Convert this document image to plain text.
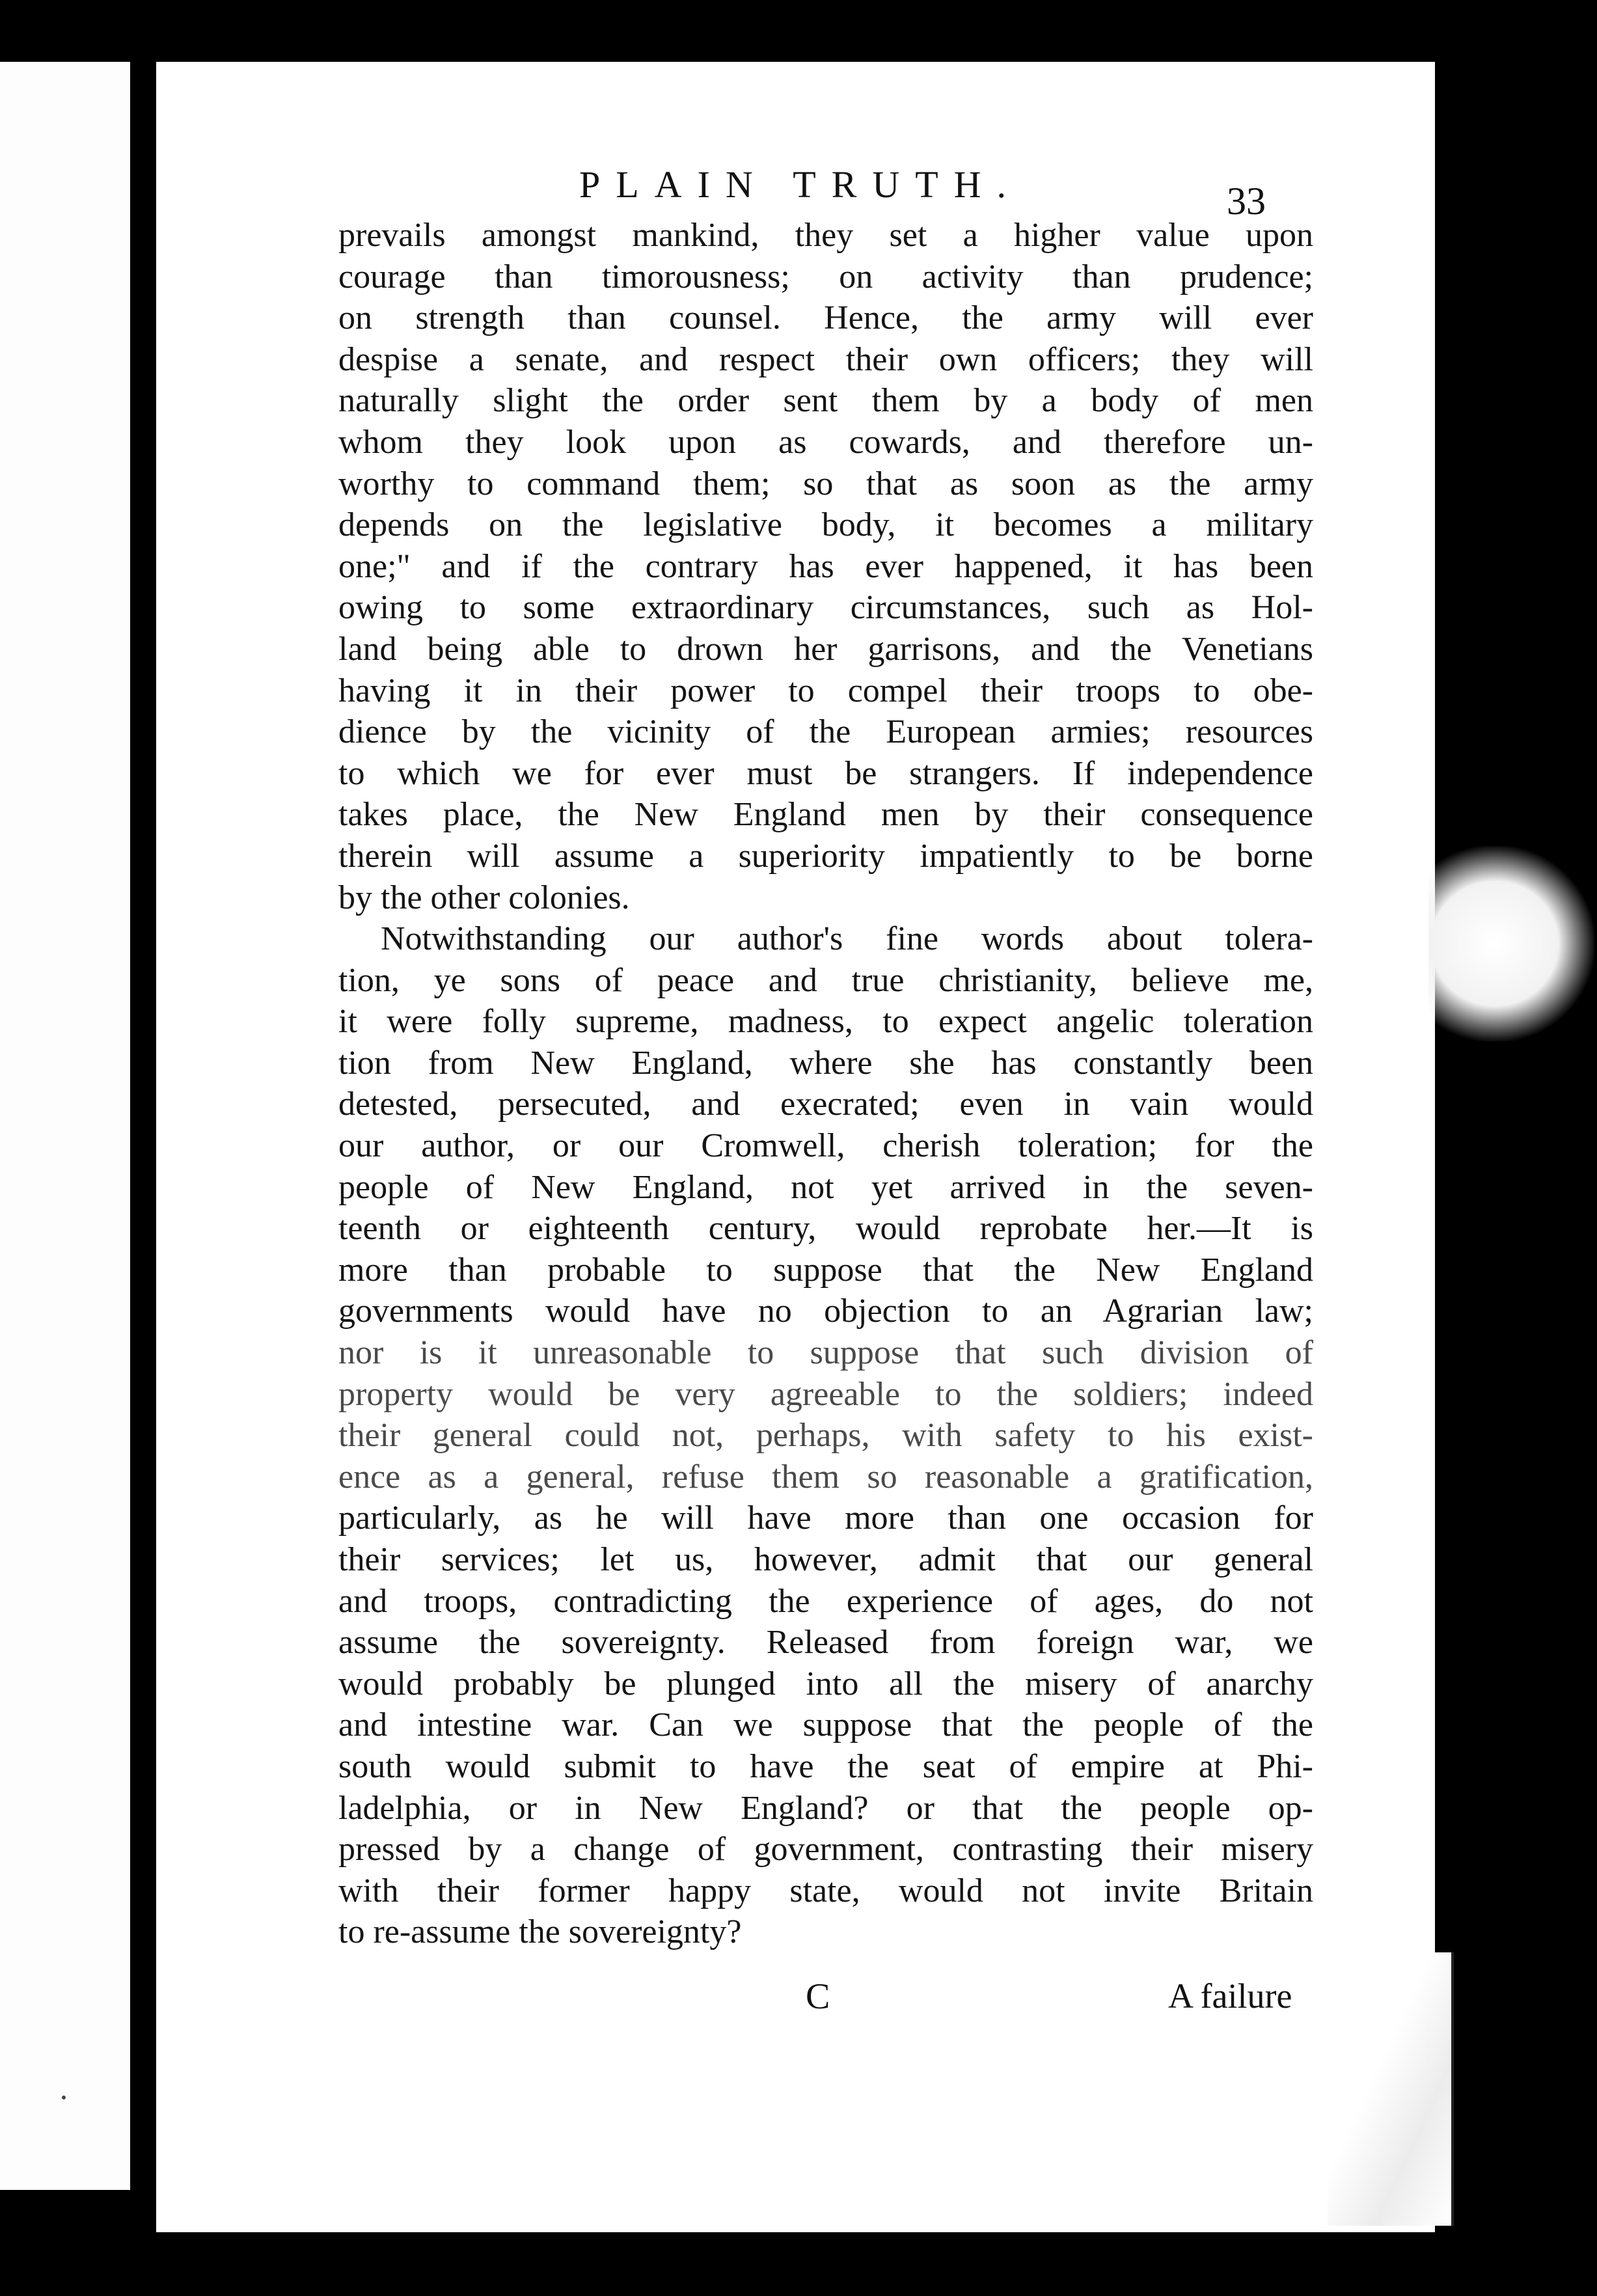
PLAIN TRUTH.	33
prevails amongst mankind, they set a higher value upon
courage than timorousness; on activity than prudence;
on strength than counsel. Hence, the army will ever
despise a senate, and respect their own officers; they will
naturally slight the order sent them by a body of men
whom they look upon as cowards, and therefore un-
worthy to command them; so that as soon as the army
depends on the legislative body, it becomes a military
one;" and if the contrary has ever happened, it has been
owing to some extraordinary circumstances, such as Hol-
land being able to drown her garrisons, and the Venetians
having it in their power to compel their troops to obe-
dience by the vicinity of the European armies; resources
to which we for ever must be strangers. If independence
takes place, the New England men by their consequence
therein will assume a superiority impatiently to be borne
by the other colonies.
Notwithstanding our author's fine words about tolera-
tion, ye sons of peace and true christianity, believe me,
it were folly supreme, madness, to expect angelic toleration
tion from New England, where she has constantly been
detested, persecuted, and execrated; even in vain would
our author, or our Cromwell, cherish toleration; for the
people of New England, not yet arrived in the seven-
teenth or eighteenth century, would reprobate her.—It is
more than probable to suppose that the New England
governments would have no objection to an Agrarian law;
nor is it unreasonable to suppose that such division of
property would be very agreeable to the soldiers; indeed
their general could not, perhaps, with safety to his exist-
ence as a general, refuse them so reasonable a gratification,
particularly, as he will have more than one occasion for
their services; let us, however, admit that our general
and troops, contradicting the experience of ages, do not
assume the sovereignty. Released from foreign war, we
would probably be plunged into all the misery of anarchy
and intestine war. Can we suppose that the people of the
south would submit to have the seat of empire at Phi-
ladelphia, or in New England? or that the people op-
pressed by a change of government, contrasting their misery
with their former happy state, would not invite Britain
to re-assume the sovereignty?
C	A failure
